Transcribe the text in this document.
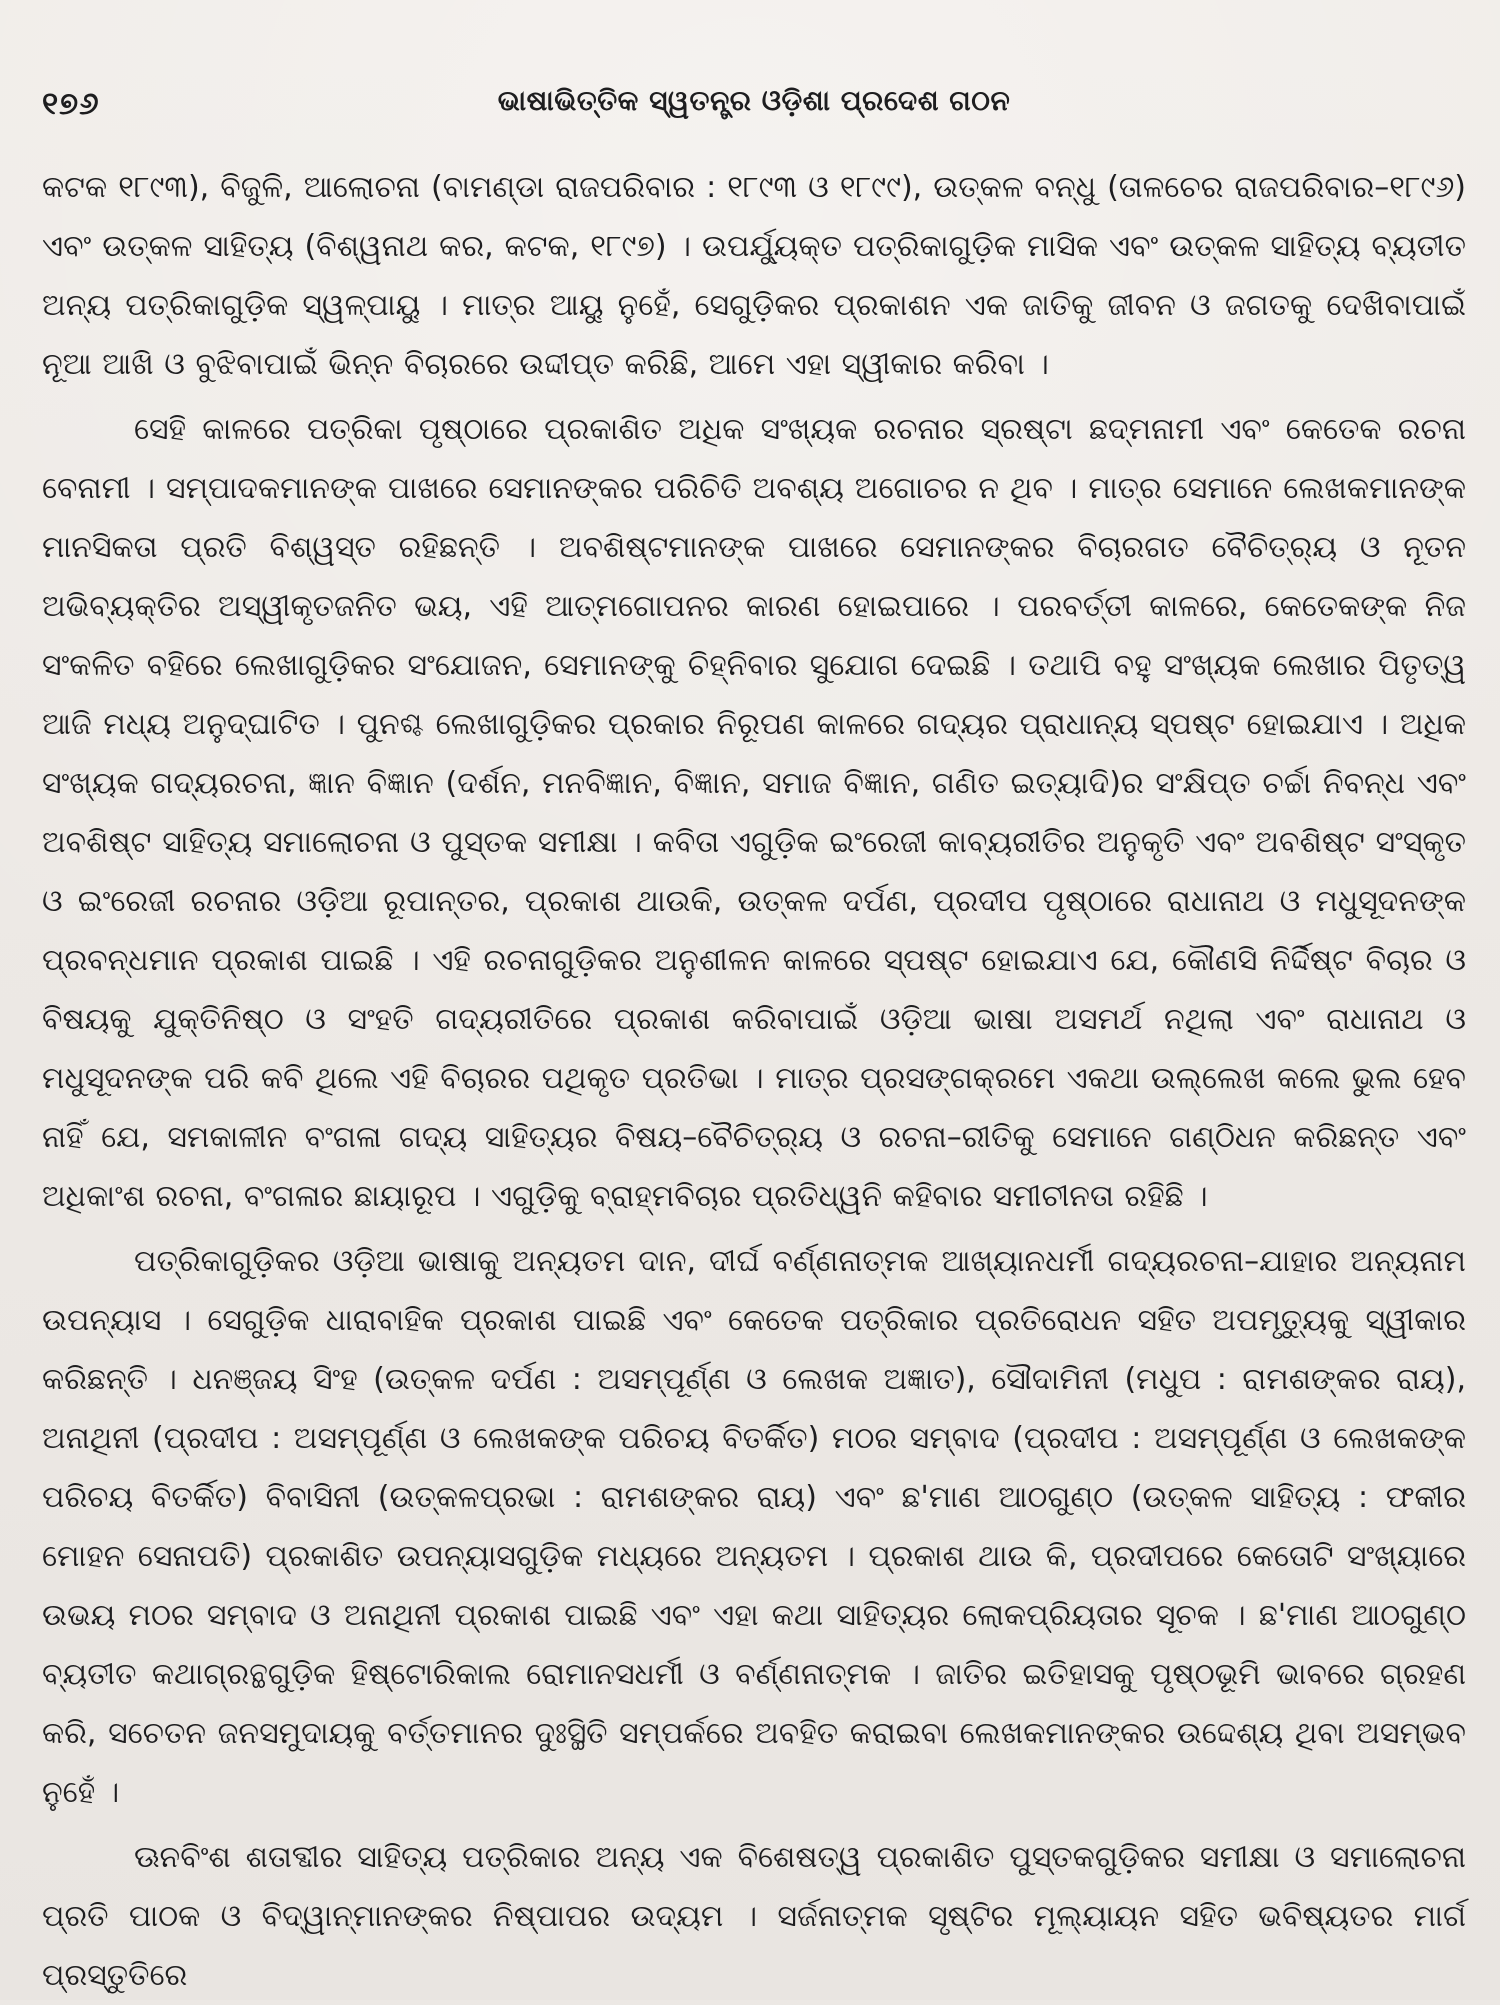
୧୭୬	ଭାଷାଭିତ୍ତିକ ସ୍ୱତନ୍ତ୍ର ଓଡ଼ିଶା ପ୍ରଦେଶ ଗଠନ

କଟକ ୧୮୯୩), ବିଜୁଳି, ଆଲୋଚନା (ବାମଣ୍ଡା ରାଜପରିବାର : ୧୮୯୩ ଓ ୧୮୯୯), ଉତ୍କଳ ବନ୍ଧୁ (ତାଳଚେର ରାଜପରିବାର–୧୮୯୬) ଏବଂ ଉତ୍କଳ ସାହିତ୍ୟ (ବିଶ୍ୱନାଥ କର, କଟକ, ୧୮୯୭) । ଉପର୍ଯ୍ୟୁକ୍ତ ପତ୍ରିକାଗୁଡ଼ିକ ମାସିକ ଏବଂ ଉତ୍କଳ ସାହିତ୍ୟ ବ୍ୟତୀତ ଅନ୍ୟ ପତ୍ରିକାଗୁଡ଼ିକ ସ୍ୱଳ୍ପାୟୁ । ମାତ୍ର ଆୟୁ ନୁହେଁ, ସେଗୁଡ଼ିକର ପ୍ରକାଶନ ଏକ ଜାତିକୁ ଜୀବନ ଓ ଜଗତକୁ ଦେଖିବାପାଇଁ ନୂଆ ଆଖି ଓ ବୁଝିବାପାଇଁ ଭିନ୍ନ ବିଚାରରେ ଉଦ୍ଦୀପ୍ତ କରିଛି, ଆମେ ଏହା ସ୍ୱୀକାର କରିବା ।

ସେହି କାଳରେ ପତ୍ରିକା ପୃଷ୍ଠାରେ ପ୍ରକାଶିତ ଅଧିକ ସଂଖ୍ୟକ ରଚନାର ସ୍ରଷ୍ଟା ଛଦ୍ମନାମୀ ଏବଂ କେତେକ ରଚନା ବେନାମୀ । ସମ୍ପାଦକମାନଙ୍କ ପାଖରେ ସେମାନଙ୍କର ପରିଚିତି ଅବଶ୍ୟ ଅଗୋଚର ନ ଥିବ । ମାତ୍ର ସେମାନେ ଲେଖକମାନଙ୍କ ମାନସିକତା ପ୍ରତି ବିଶ୍ୱସ୍ତ ରହିଛନ୍ତି । ଅବଶିଷ୍ଟମାନଙ୍କ ପାଖରେ ସେମାନଙ୍କର ବିଚାରଗତ ବୈଚିତ୍ର୍ୟ ଓ ନୂତନ ଅଭିବ୍ୟକ୍ତିର ଅସ୍ୱୀକୃତଜନିତ ଭୟ, ଏହି ଆତ୍ମଗୋପନର କାରଣ ହୋଇପାରେ । ପରବର୍ତ୍ତୀ କାଳରେ, କେତେକଙ୍କ ନିଜ ସଂକଳିତ ବହିରେ ଲେଖାଗୁଡ଼ିକର ସଂଯୋଜନ, ସେମାନଙ୍କୁ ଚିହ୍ନିବାର ସୁଯୋଗ ଦେଇଛି । ତଥାପି ବହୁ ସଂଖ୍ୟକ ଲେଖାର ପିତୃତ୍ୱ ଆଜି ମଧ୍ୟ ଅନୁଦ୍‌ଘାଟିତ । ପୁନଶ୍ଚ ଲେଖାଗୁଡ଼ିକର ପ୍ରକାର ନିରୂପଣ କାଳରେ ଗଦ୍ୟର ପ୍ରାଧାନ୍ୟ ସ୍ପଷ୍ଟ ହୋଇଯାଏ । ଅଧିକ ସଂଖ୍ୟକ ଗଦ୍ୟରଚନା, ଜ୍ଞାନ ବିଜ୍ଞାନ (ଦର୍ଶନ, ମନବିଜ୍ଞାନ, ବିଜ୍ଞାନ, ସମାଜ ବିଜ୍ଞାନ, ଗଣିତ ଇତ୍ୟାଦି)ର ସଂକ୍ଷିପ୍ତ ଚର୍ଚ୍ଚା ନିବନ୍ଧ ଏବଂ ଅବଶିଷ୍ଟ ସାହିତ୍ୟ ସମାଲୋଚନା ଓ ପୁସ୍ତକ ସମୀକ୍ଷା । କବିତା ଏଗୁଡ଼ିକ ଇଂରେଜୀ କାବ୍ୟରୀତିର ଅନୁକୃତି ଏବଂ ଅବଶିଷ୍ଟ ସଂସ୍କୃତ ଓ ଇଂରେଜୀ ରଚନାର ଓଡ଼ିଆ ରୂପାନ୍ତର, ପ୍ରକାଶ ଥାଉକି, ଉତ୍କଳ ଦର୍ପଣ, ପ୍ରଦୀପ ପୃଷ୍ଠାରେ ରାଧାନାଥ ଓ ମଧୁସୂଦନଙ୍କ ପ୍ରବନ୍ଧମାନ ପ୍ରକାଶ ପାଇଛି । ଏହି ରଚନାଗୁଡ଼ିକର ଅନୁଶୀଳନ କାଳରେ ସ୍ପଷ୍ଟ ହୋଇଯାଏ ଯେ, କୌଣସି ନିର୍ଦ୍ଦିଷ୍ଟ ବିଚାର ଓ ବିଷୟକୁ ଯୁକ୍ତିନିଷ୍ଠ ଓ ସଂହତି ଗଦ୍ୟରୀତିରେ ପ୍ରକାଶ କରିବାପାଇଁ ଓଡ଼ିଆ ଭାଷା ଅସମର୍ଥ ନଥିଲା ଏବଂ ରାଧାନାଥ ଓ ମଧୁସୂଦନଙ୍କ ପରି କବି ଥିଲେ ଏହି ବିଚାରର ପଥିକୃତ ପ୍ରତିଭା । ମାତ୍ର ପ୍ରସଙ୍ଗକ୍ରମେ ଏକଥା ଉଲ୍ଲେଖ କଲେ ଭୁଲ ହେବ ନାହିଁ ଯେ, ସମକାଳୀନ ବଂଗଳା ଗଦ୍ୟ ସାହିତ୍ୟର ବିଷୟ–ବୈଚିତ୍ର୍ୟ ଓ ରଚନା–ରୀତିକୁ ସେମାନେ ଗଣ୍ଠିଧନ କରିଛନ୍ତ ଏବଂ ଅଧିକାଂଶ ରଚନା, ବଂଗଳାର ଛାୟାରୂପ । ଏଗୁଡ଼ିକୁ ବ୍ରାହ୍ମବିଚାର ପ୍ରତିଧ୍ୱନି କହିବାର ସମୀଚୀନତା ରହିଛି ।

ପତ୍ରିକାଗୁଡ଼ିକର ଓଡ଼ିଆ ଭାଷାକୁ ଅନ୍ୟତମ ଦାନ, ଦୀର୍ଘ ବର୍ଣ୍ଣନାତ୍ମକ ଆଖ୍ୟାନଧର୍ମୀ ଗଦ୍ୟରଚନା–ଯାହାର ଅନ୍ୟନାମ ଉପନ୍ୟାସ । ସେଗୁଡ଼ିକ ଧାରାବାହିକ ପ୍ରକାଶ ପାଇଛି ଏବଂ କେତେକ ପତ୍ରିକାର ପ୍ରତିରୋଧନ ସହିତ ଅପମୃତ୍ୟୁକୁ ସ୍ୱୀକାର କରିଛନ୍ତି । ଧନଞ୍ଜୟ ସିଂହ (ଉତ୍କଳ ଦର୍ପଣ : ଅସମ୍ପୂର୍ଣ୍ଣ ଓ ଲେଖକ ଅଜ୍ଞାତ), ସୌଦାମିନୀ (ମଧୁପ : ରାମଶଙ୍କର ରାୟ), ଅନାଥିନୀ (ପ୍ରଦୀପ : ଅସମ୍ପୂର୍ଣ୍ଣ ଓ ଲେଖକଙ୍କ ପରିଚୟ ବିତର୍କିତ) ମଠର ସମ୍ବାଦ (ପ୍ରଦୀପ : ଅସମ୍ପୂର୍ଣ୍ଣ ଓ ଲେଖକଙ୍କ ପରିଚୟ ବିତର୍କିତ) ବିବାସିନୀ (ଉତ୍କଳପ୍ରଭା : ରାମଶଙ୍କର ରାୟ) ଏବଂ ଛ'ମାଣ ଆଠଗୁଣ୍ଠ (ଉତ୍କଳ ସାହିତ୍ୟ : ଫକୀର ମୋହନ ସେନାପତି) ପ୍ରକାଶିତ ଉପନ୍ୟାସଗୁଡ଼ିକ ମଧ୍ୟରେ ଅନ୍ୟତମ । ପ୍ରକାଶ ଥାଉ କି, ପ୍ରଦୀପରେ କେତୋଟି ସଂଖ୍ୟାରେ ଉଭୟ ମଠର ସମ୍ବାଦ ଓ ଅନାଥିନୀ ପ୍ରକାଶ ପାଇଛି ଏବଂ ଏହା କଥା ସାହିତ୍ୟର ଲୋକପ୍ରିୟତାର ସୂଚକ । ଛ'ମାଣ ଆଠଗୁଣ୍ଠ ବ୍ୟତୀତ କଥାଗ୍ରନ୍ଥଗୁଡ଼ିକ ହିଷ୍ଟୋରିକାଲ ରୋମାନସଧର୍ମୀ ଓ ବର୍ଣ୍ଣନାତ୍ମକ । ଜାତିର ଇତିହାସକୁ ପୃଷ୍ଠଭୂମି ଭାବରେ ଗ୍ରହଣ କରି, ସଚେତନ ଜନସମୁଦାୟକୁ ବର୍ତ୍ତମାନର ଦୁଃସ୍ଥିତି ସମ୍ପର୍କରେ ଅବହିତ କରାଇବା ଲେଖକମାନଙ୍କର ଉଦ୍ଦେଶ୍ୟ ଥିବା ଅସମ୍ଭବ ନୁହେଁ ।

ଊନବିଂଶ ଶତାବ୍ଦୀର ସାହିତ୍ୟ ପତ୍ରିକାର ଅନ୍ୟ ଏକ ବିଶେଷତ୍ୱ ପ୍ରକାଶିତ ପୁସ୍ତକଗୁଡ଼ିକର ସମୀକ୍ଷା ଓ ସମାଲୋଚନା ପ୍ରତି ପାଠକ ଓ ବିଦ୍ୱାନ୍‌ମାନଙ୍କର ନିଷ୍ପାପର ଉଦ୍ୟମ । ସର୍ଜନାତ୍ମକ ସୃଷ୍ଟିର ମୂଲ୍ୟାୟନ ସହିତ ଭବିଷ୍ୟତର ମାର୍ଗ ପ୍ରସ୍ତୁତିରେ
